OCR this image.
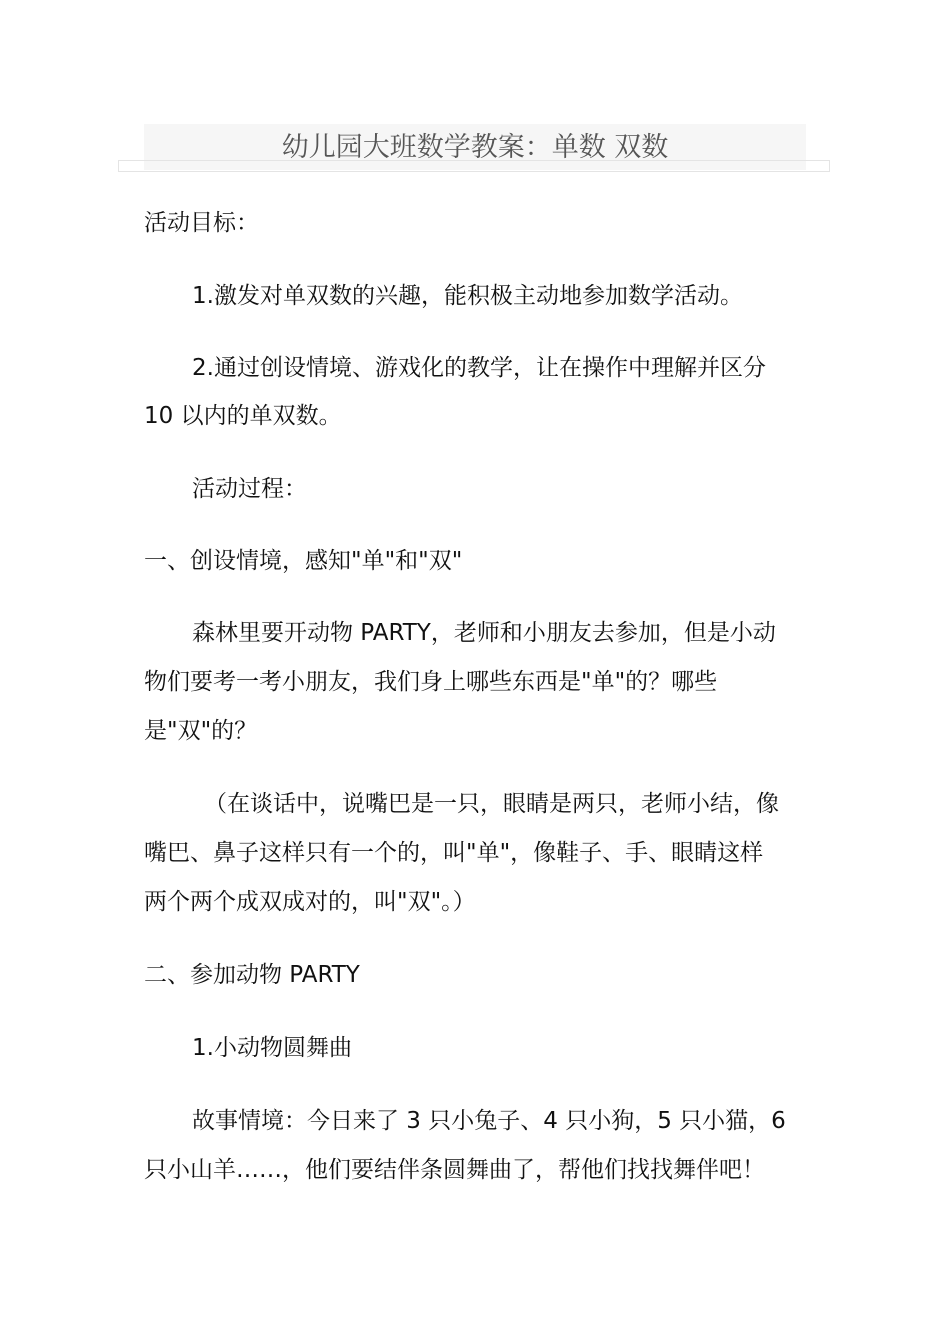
幼儿园大班数学教案：单数 双数
活动目标：
1.激发对单双数的兴趣，能积极主动地参加数学活动。
2.通过创设情境、游戏化的教学，让在操作中理解并区分
10 以内的单双数。
活动过程：
一、创设情境，感知"单"和"双"
森林里要开动物 PARTY，老师和小朋友去参加，但是小动
物们要考一考小朋友，我们身上哪些东西是"单"的？哪些
是"双"的？
（在谈话中，说嘴巴是一只，眼睛是两只，老师小结，像
嘴巴、鼻子这样只有一个的，叫"单"，像鞋子、手、眼睛这样
两个两个成双成对的，叫"双"。）
二、参加动物 PARTY
1.小动物圆舞曲
故事情境：今日来了 3 只小兔子、4 只小狗，5 只小猫，6
只小山羊……，他们要结伴条圆舞曲了，帮他们找找舞伴吧！
